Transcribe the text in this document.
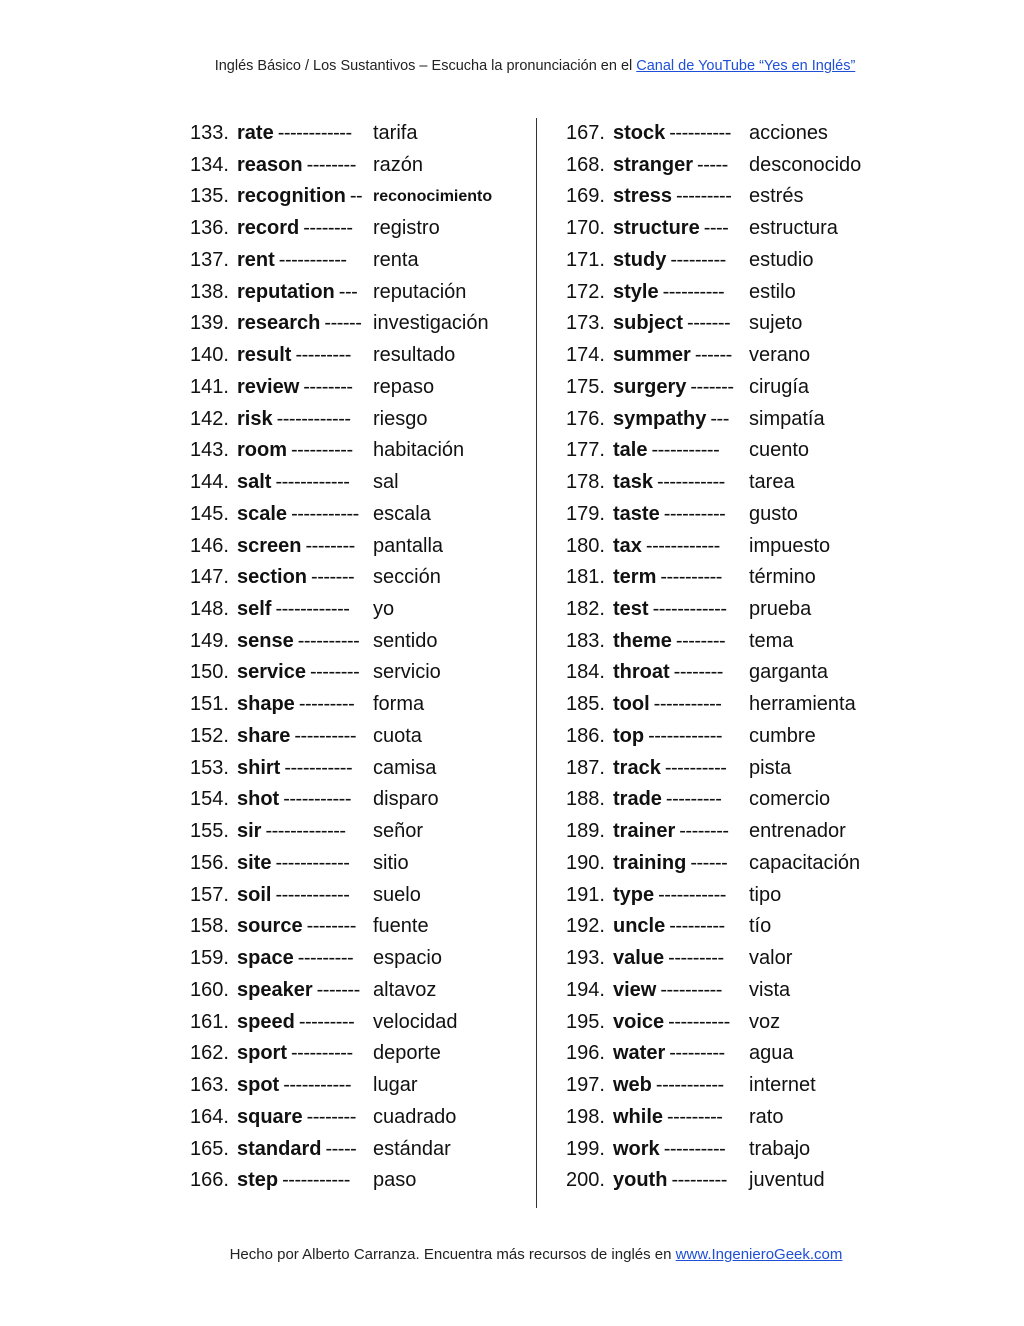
Inglés Básico / Los Sustantivos – Escucha la pronunciación en el Canal de YouTube “Yes en Inglés”
133. rate ------------ tarifa
134. reason -------- razón
135. recognition -- reconocimiento
136. record -------- registro
137. rent ----------- renta
138. reputation --- reputación
139. research ------ investigación
140. result --------- resultado
141. review -------- repaso
142. risk ------------ riesgo
143. room ---------- habitación
144. salt ------------ sal
145. scale ----------- escala
146. screen -------- pantalla
147. section ------- sección
148. self ------------ yo
149. sense ---------- sentido
150. service -------- servicio
151. shape --------- forma
152. share ---------- cuota
153. shirt ----------- camisa
154. shot ----------- disparo
155. sir ------------- señor
156. site ------------ sitio
157. soil ------------ suelo
158. source -------- fuente
159. space --------- espacio
160. speaker ------- altavoz
161. speed --------- velocidad
162. sport ---------- deporte
163. spot ----------- lugar
164. square -------- cuadrado
165. standard ----- estándar
166. step ----------- paso
167. stock ---------- acciones
168. stranger ----- desconocido
169. stress --------- estrés
170. structure ---- estructura
171. study --------- estudio
172. style ---------- estilo
173. subject ------- sujeto
174. summer ------ verano
175. surgery ------- cirugía
176. sympathy --- simpatía
177. tale ----------- cuento
178. task ----------- tarea
179. taste ---------- gusto
180. tax ------------ impuesto
181. term ---------- término
182. test ------------ prueba
183. theme -------- tema
184. throat -------- garganta
185. tool ----------- herramienta
186. top ------------ cumbre
187. track ---------- pista
188. trade --------- comercio
189. trainer -------- entrenador
190. training ------ capacitación
191. type ----------- tipo
192. uncle --------- tío
193. value --------- valor
194. view ---------- vista
195. voice ---------- voz
196. water --------- agua
197. web ----------- internet
198. while --------- rato
199. work ---------- trabajo
200. youth --------- juventud
Hecho por Alberto Carranza. Encuentra más recursos de inglés en www.IngenieroGeek.com
